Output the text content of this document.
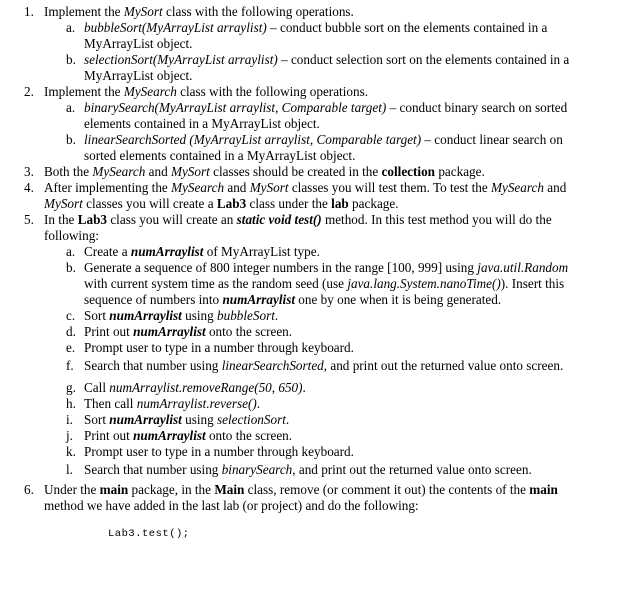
1. Implement the MySort class with the following operations.
a. bubbleSort(MyArrayList arraylist) – conduct bubble sort on the elements contained in a MyArrayList object.
b. selectionSort(MyArrayList arraylist) – conduct selection sort on the elements contained in a MyArrayList object.
2. Implement the MySearch class with the following operations.
a. binarySearch(MyArrayList arraylist, Comparable target) – conduct binary search on sorted elements contained in a MyArrayList object.
b. linearSearchSorted (MyArrayList arraylist, Comparable target) – conduct linear search on sorted elements contained in a MyArrayList object.
3. Both the MySearch and MySort classes should be created in the collection package.
4. After implementing the MySearch and MySort classes you will test them. To test the MySearch and MySort classes you will create a Lab3 class under the lab package.
5. In the Lab3 class you will create an static void test() method. In this test method you will do the following:
a. Create a numArraylist of MyArrayList type.
b. Generate a sequence of 800 integer numbers in the range [100, 999] using java.util.Random with current system time as the random seed (use java.lang.System.nanoTime()). Insert this sequence of numbers into numArraylist one by one when it is being generated.
c. Sort numArraylist using bubbleSort.
d. Print out numArraylist onto the screen.
e. Prompt user to type in a number through keyboard.
f. Search that number using linearSearchSorted, and print out the returned value onto screen.
g. Call numArraylist.removeRange(50, 650).
h. Then call numArraylist.reverse().
i. Sort numArraylist using selectionSort.
j. Print out numArraylist onto the screen.
k. Prompt user to type in a number through keyboard.
l. Search that number using binarySearch, and print out the returned value onto screen.
6. Under the main package, in the Main class, remove (or comment it out) the contents of the main method we have added in the last lab (or project) and do the following:
Lab3.test();
